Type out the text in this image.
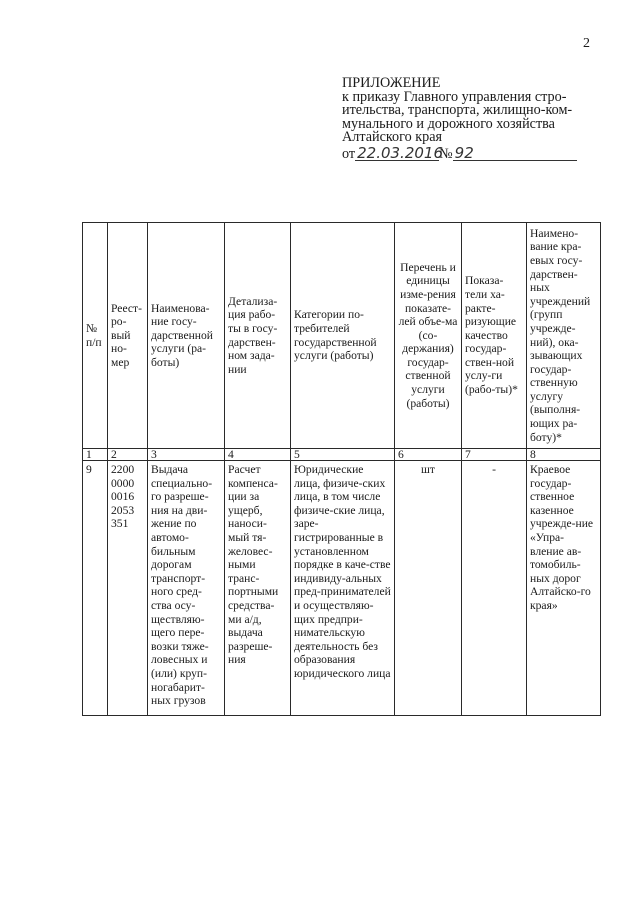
2
ПРИЛОЖЕНИЕ
к приказу Главного управления стро-
ительства, транспорта, жилищно-ком-
мунального и дорожного хозяйства
Алтайского края
от 22.03.2016№ 92
№ п/п	Реест-ро-вый но-мер	Наименова-ние госу-дарственной услуги (ра-боты)	Детализа-ция рабо-ты в госу-дарствен-ном зада-нии	Категории по-требителей государственной услуги (работы)	Перечень и единицы изме-рения показате-лей объе-ма (со-держания) государ-ственной услуги (работы)	Показа-тели ха-ракте-ризующие качество государ-ствен-ной услу-ги (рабо-ты)*	Наимено-вание кра-евых госу-дарствен-ных учреждений (групп учрежде-ний), ока-зывающих государ-ственную услугу (выполня-ющих ра-боту)*
1	2	3	4	5	6	7	8
9	2200 0000 0016 2053 351	Выдача специально-го разреше-ния на дви-жение по автомо-бильным дорогам транспорт-ного сред-ства осу-ществляю-щего пере-возки тяже-ловесных и (или) круп-ногабарит-ных грузов	Расчет компенса-ции за ущерб, наноси-мый тя-желовес-ными транс-портными средства-ми а/д, выдача разреше-ния	Юридические лица, физиче-ских лица, в том числе физиче-ские лица, заре-гистрированные в установленном порядке в каче-стве индивиду-альных пред-принимателей и осуществляю-щих предпри-нимательскую деятельность без образования юридического лица	шт	-	Краевое государ-ственное казенное учрежде-ние «Упра-вление ав-томобиль-ных дорог Алтайско-го края»
